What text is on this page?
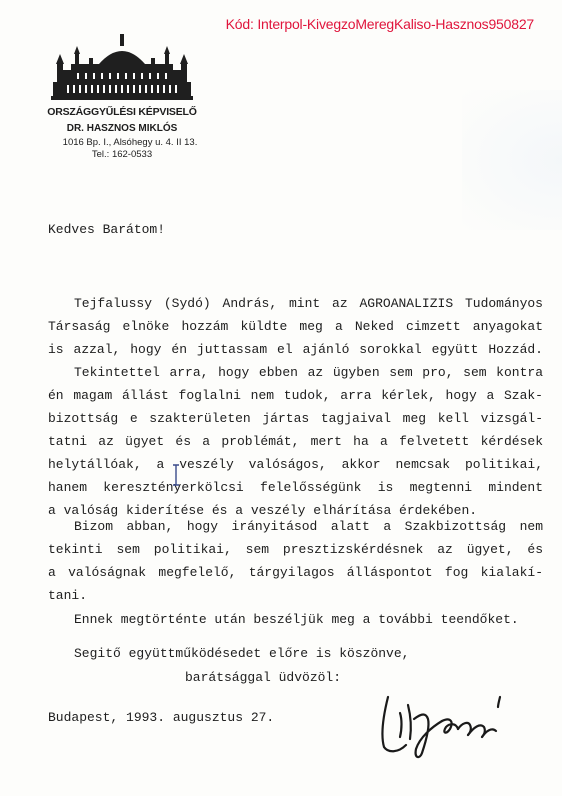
Kód: Interpol-KivegzoMeregKaliso-Hasznos950827
ORSZÁGGYŰLÉSI KÉPVISELŐ
DR. HASZNOS MIKLÓS
1016 Bp. I., Alsóhegy u. 4. II 13.
Tel.: 162-0533
Kedves Barátom!
Tejfalussy (Sydó) András, mint az AGROANALIZIS Tudományos
Társaság elnöke hozzám küldte meg a Neked cimzett anyagokat
is azzal, hogy én juttassam el ajánló sorokkal együtt Hozzád.
Tekintettel arra, hogy ebben az ügyben sem pro, sem kontra
én magam állást foglalni nem tudok, arra kérlek, hogy a Szak-
bizottság e szakterületen jártas tagjaival meg kell vizsgál-
tatni az ügyet és a problémát, mert ha a felvetett kérdések
helytállóak, a veszély valóságos, akkor nemcsak politikai,
hanem keresztényerkölcsi felelősségünk is megtenni mindent
a valóság kiderítése és a veszély elhárítása érdekében.
Bizom abban, hogy irányitásod alatt a Szakbizottság nem
tekinti sem politikai, sem presztizskérdésnek az ügyet, és
a valóságnak megfelelő, tárgyilagos álláspontot fog kialakí-
tani.
Ennek megtörténte után beszéljük meg a további teendőket.
Segitő együttműködésedet előre is köszönve,
barátsággal üdvözöl:
Budapest, 1993. augusztus 27.
